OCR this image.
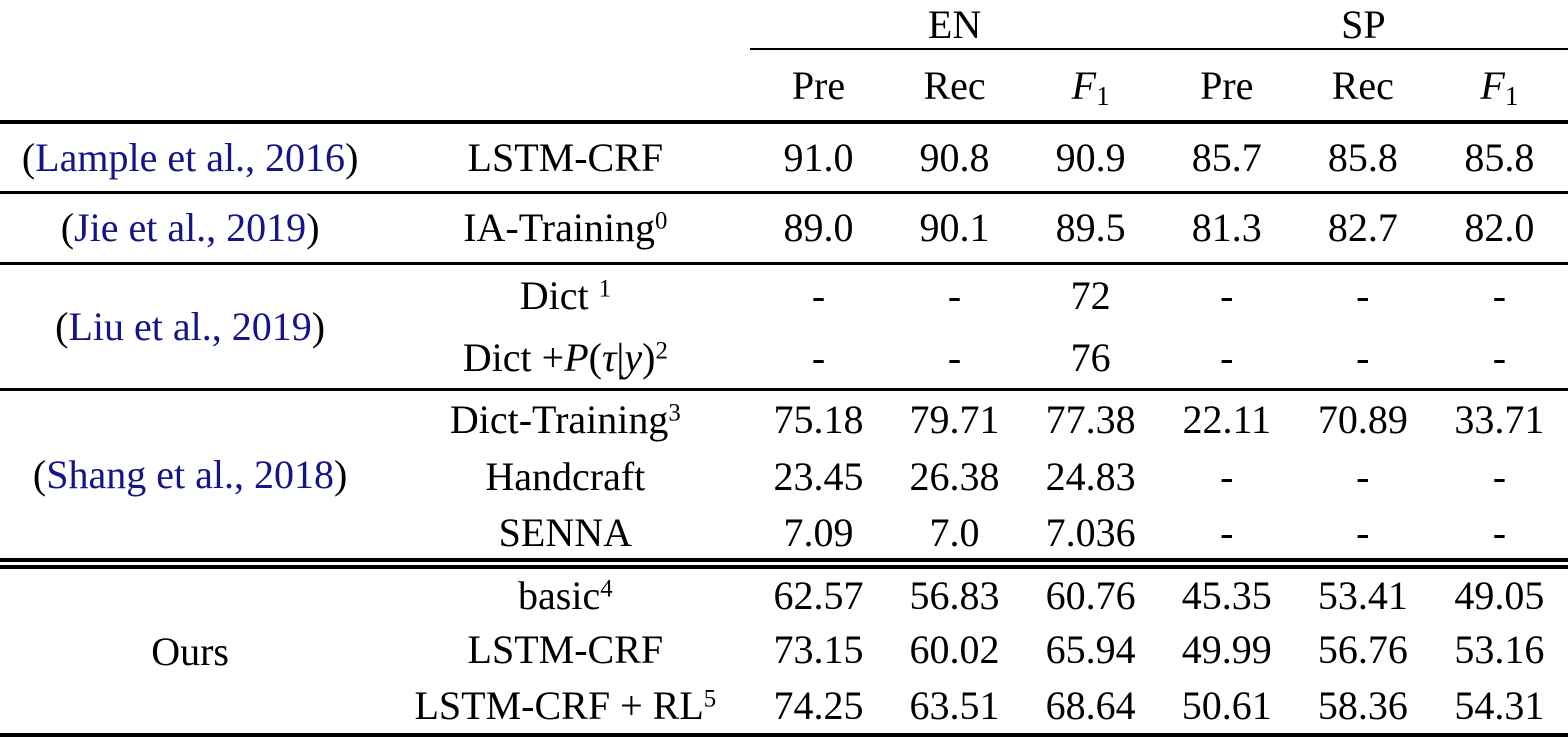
		EN			SP		
		Pre	Rec	$F_1$	Pre	Rec	$F_1$
(Lample et al., 2016)	LSTM-CRF	91.0	90.8	90.9	85.7	85.8	85.8
(Jie et al., 2019)	IA-Training$^0$	89.0	90.1	89.5	81.3	82.7	82.0
(Liu et al., 2019)	Dict $^1$	-	-	72	-	-	-
	Dict $+P(\tau|y)^2$	-	-	76	-	-	-
(Shang et al., 2018)	Dict-Training$^3$	75.18	79.71	77.38	22.11	70.89	33.71
	Handcraft	23.45	26.38	24.83	-	-	-
	SENNA	7.09	7.0	7.036	-	-	-
Ours	basic$^4$	62.57	56.83	60.76	45.35	53.41	49.05
	LSTM-CRF	73.15	60.02	65.94	49.99	56.76	53.16
	LSTM-CRF + $RL^5$	74.25	63.51	68.64	50.61	58.36	54.31
